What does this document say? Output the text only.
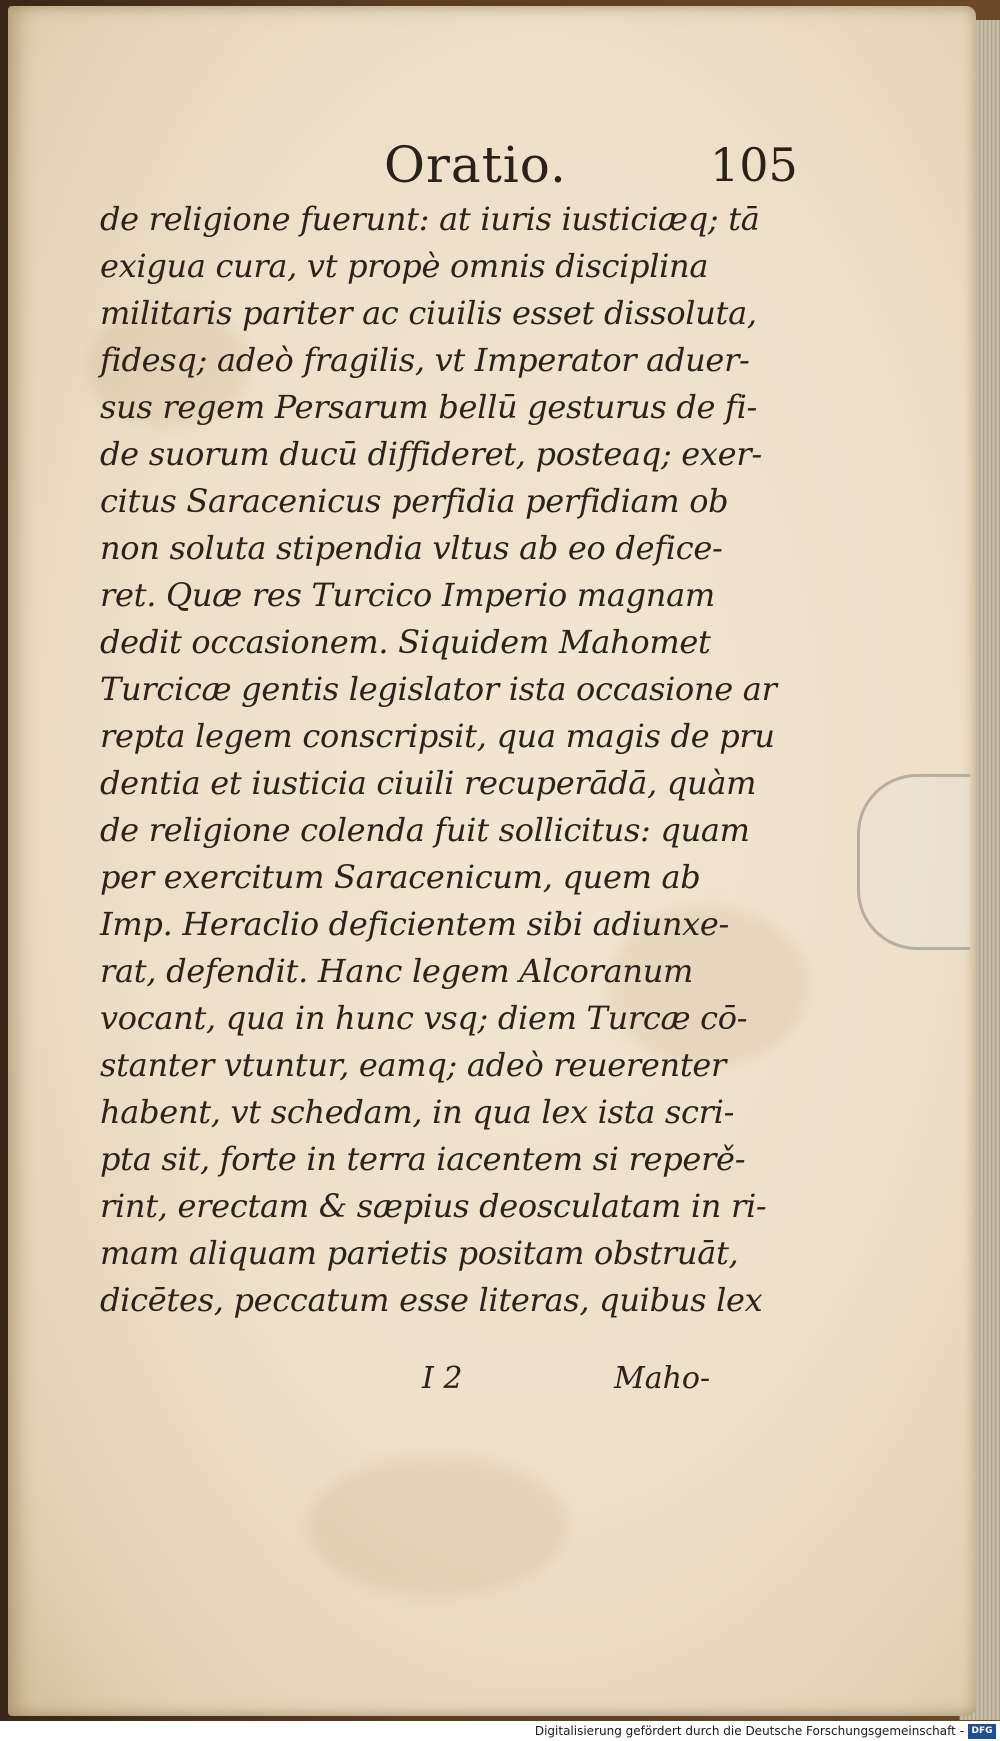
Oratio.	105
de religione fuerunt: at iuris iusticiæq; tā
exigua cura, vt propè omnis disciplina
militaris pariter ac ciuilis esset dissoluta,
fidesq; adeò fragilis, vt Imperator aduer-
sus regem Persarum bellū gesturus de fi-
de suorum ducū diffideret, posteaq; exer-
citus Saracenicus perfidia perfidiam ob
non soluta stipendia vltus ab eo defice-
ret. Quæ res Turcico Imperio magnam
dedit occasionem. Siquidem Mahomet
Turcicæ gentis legislator ista occasione ar
repta legem conscripsit, qua magis de pru
dentia et iusticia ciuili recuperādā, quàm
de religione colenda fuit sollicitus: quam
per exercitum Saracenicum, quem ab
Imp. Heraclio deficientem sibi adiunxe-
rat, defendit. Hanc legem Alcoranum
vocant, qua in hunc vsq; diem Turcæ cō-
stanter vtuntur, eamq; adeò reuerenter
habent, vt schedam, in qua lex ista scri-
pta sit, forte in terra iacentem si reperě-
rint, erectam & sæpius deosculatam in ri-
mam aliquam parietis positam obstruāt,
dicētes, peccatum esse literas, quibus lex
I 2	Maho-
Digitalisierung gefördert durch die Deutsche Forschungsgemeinschaft - DFG
